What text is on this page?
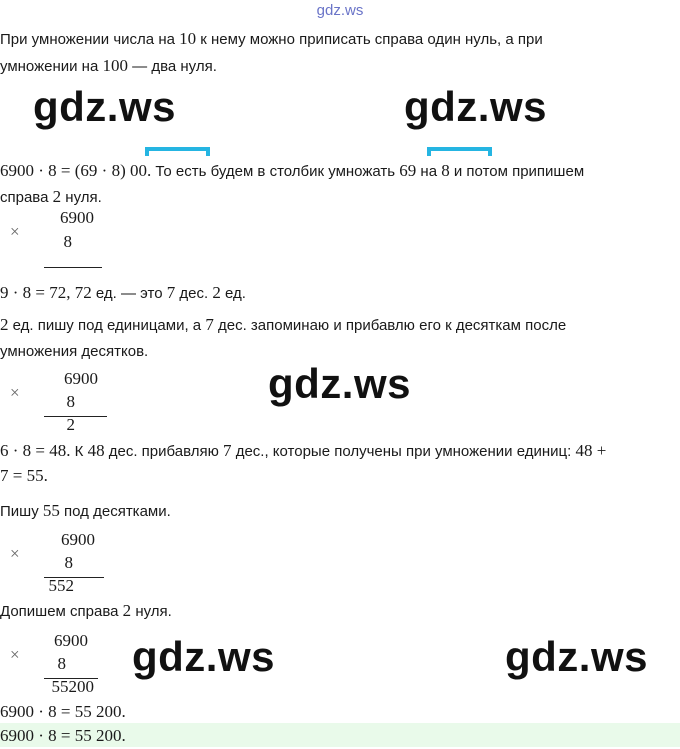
gdz.ws
При умножении числа на 10 к нему можно приписать справа один нуль, а при
умножении на 100 — два нуля.
gdz.ws	gdz.ws
6900 · 8 = (69 · 8) 00. То есть будем в столбик умножать 69 на 8 и потом припишем
справа 2 нуля.
×
6900
8
9 · 8 = 72, 72 ед. — это 7 дес. 2 ед.
2 ед. пишу под единицами, а 7 дес. запоминаю и прибавлю его к десяткам после
умножения десятков.
gdz.ws
×
6900
8
2
6 · 8 = 48. К 48 дес. прибавляю 7 дес., которые получены при умножении единиц: 48 +
7 = 55.
Пишу 55 под десятками.
×
6900
8
552
Допишем справа 2 нуля.
gdz.ws	gdz.ws
×
6900
8
55200
6900 · 8 = 55 200.
6900 · 8 = 55 200.
